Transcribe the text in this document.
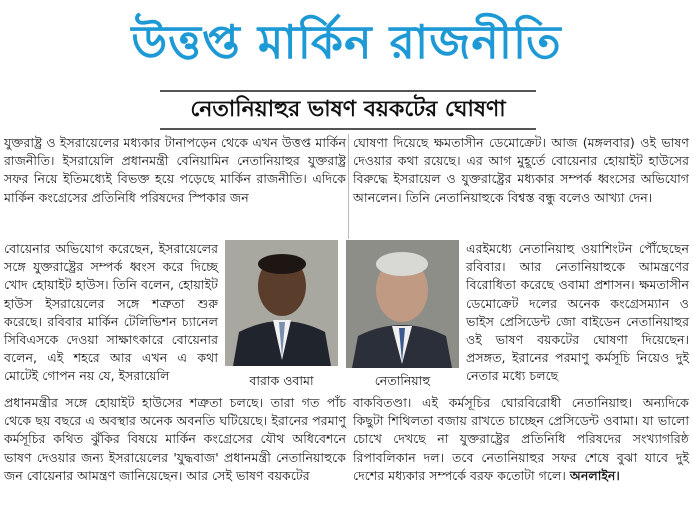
উত্তপ্ত মার্কিন রাজনীতি
নেতানিয়াহুর ভাষণ বয়কটের ঘোষণা

যুক্তরাষ্ট্র ও ইসরায়েলের মধ্যকার টানাপড়েন থেকে এখন উত্তপ্ত মার্কিন রাজনীতি। ইসরায়েলি প্রধানমন্ত্রী বেনিয়ামিন নেতানিয়াহুর যুক্তরাষ্ট্র সফর নিয়ে ইতিমধ্যেই বিভক্ত হয়ে পড়েছে মার্কিন রাজনীতি। এদিকে মার্কিন কংগ্রেসের প্রতিনিধি পরিষদের স্পিকার জন

ঘোষণা দিয়েছে ক্ষমতাসীন ডেমোক্রেট। আজ (মঙ্গলবার) ওই ভাষণ দেওয়ার কথা রয়েছে। এর আগ মুহূর্তে বোয়েনার হোয়াইট হাউসের বিরুদ্ধে ইসরায়েল ও যুক্তরাষ্ট্রের মধ্যকার সম্পর্ক ধ্বংসের অভিযোগ আনলেন। তিনি নেতানিয়াহুকে বিশ্বস্ত বন্ধু বলেও আখ্যা দেন।

বোয়েনার অভিযোগ করেছেন, ইসরায়েলের সঙ্গে যুক্তরাষ্ট্রের সম্পর্ক ধ্বংস করে দিচ্ছে খোদ হোয়াইট হাউস। তিনি বলেন, হোয়াইট হাউস ইসরায়েলের সঙ্গে শত্রুতা শুরু করেছে। রবিবার মার্কিন টেলিভিশন চ্যানেল সিবিএসকে দেওয়া সাক্ষাৎকারে বোয়েনার বলেন, এই শহরে আর এখন এ কথা মোটেই গোপন নয় যে, ইসরায়েলি	বারাক ওবামা	নেতানিয়াহু

এরইমধ্যে নেতানিয়াহু ওয়াশিংটন পৌঁছেছেন রবিবার। আর নেতানিয়াহুকে আমন্ত্রণের বিরোধিতা করেছে ওবামা প্রশাসন। ক্ষমতাসীন ডেমোক্রেট দলের অনেক কংগ্রেসম্যান ও ভাইস প্রেসিডেন্ট জো বাইডেন নেতানিয়াহুর ওই ভাষণ বয়কটের ঘোষণা দিয়েছেন। প্রসঙ্গত, ইরানের পরমাণু কর্মসূচি নিয়েও দুই নেতার মধ্যে চলছে

প্রধানমন্ত্রীর সঙ্গে হোয়াইট হাউসের শত্রুতা চলছে। তারা গত পাঁচ থেকে ছয় বছরে এ অবস্থার অনেক অবনতি ঘটিয়েছে। ইরানের পরমাণু কর্মসূচির কথিত ঝুঁকির বিষয়ে মার্কিন কংগ্রেসের যৌথ অধিবেশনে ভাষণ দেওয়ার জন্য ইসরায়েলের 'যুদ্ধবাজ' প্রধানমন্ত্রী নেতানিয়াহুকে জন বোয়েনার আমন্ত্রণ জানিয়েছেন। আর সেই ভাষণ বয়কটের

বাকবিতণ্ডা। এই কর্মসূচির ঘোরবিরোধী নেতানিয়াহু। অন্যদিকে কিছুটা শিথিলতা বজায় রাখতে চাচ্ছেন প্রেসিডেন্ট ওবামা। যা ভালো চোখে দেখছে না যুক্তরাষ্ট্রের প্রতিনিধি পরিষদের সংখ্যাগরিষ্ঠ রিপাবলিকান দল। তবে নেতানিয়াহুর সফর শেষে বুঝা যাবে দুই দেশের মধ্যকার সম্পর্কে বরফ কতোটা গলে। অনলাইন।
